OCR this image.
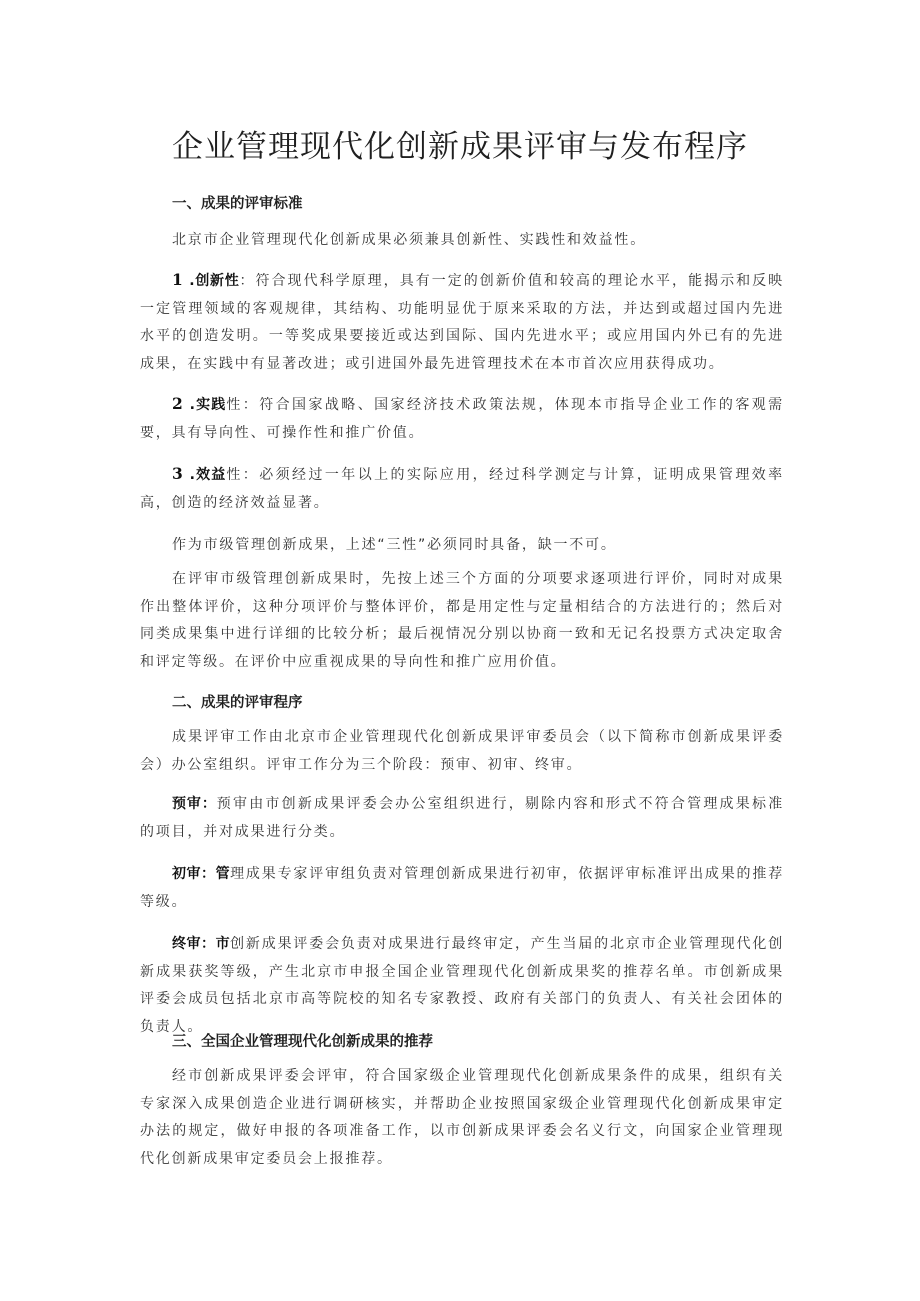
企业管理现代化创新成果评审与发布程序
一、成果的评审标准

北京市企业管理现代化创新成果必须兼具创新性、实践性和效益性。

1 .创新性：符合现代科学原理，具有一定的创新价值和较高的理论水平，能揭示和反映一定管理领域的客观规律，其结构、功能明显优于原来采取的方法，并达到或超过国内先进水平的创造发明。一等奖成果要接近或达到国际、国内先进水平；或应用国内外已有的先进成果，在实践中有显著改进；或引进国外最先进管理技术在本市首次应用获得成功。

2 .实践性：符合国家战略、国家经济技术政策法规，体现本市指导企业工作的客观需要，具有导向性、可操作性和推广价值。

3 .效益性：必须经过一年以上的实际应用，经过科学测定与计算，证明成果管理效率高，创造的经济效益显著。

作为市级管理创新成果，上述“三性”必须同时具备，缺一不可。

在评审市级管理创新成果时，先按上述三个方面的分项要求逐项进行评价，同时对成果作出整体评价，这种分项评价与整体评价，都是用定性与定量相结合的方法进行的；然后对同类成果集中进行详细的比较分析；最后视情况分别以协商一致和无记名投票方式决定取舍和评定等级。在评价中应重视成果的导向性和推广应用价值。

二、成果的评审程序

成果评审工作由北京市企业管理现代化创新成果评审委员会（以下简称市创新成果评委会）办公室组织。评审工作分为三个阶段：预审、初审、终审。

预审：预审由市创新成果评委会办公室组织进行，剔除内容和形式不符合管理成果标准的项目，并对成果进行分类。

初审：管理成果专家评审组负责对管理创新成果进行初审，依据评审标准评出成果的推荐等级。

终审：市创新成果评委会负责对成果进行最终审定，产生当届的北京市企业管理现代化创新成果获奖等级，产生北京市申报全国企业管理现代化创新成果奖的推荐名单。市创新成果评委会成员包括北京市高等院校的知名专家教授、政府有关部门的负责人、有关社会团体的负责人。

三、全国企业管理现代化创新成果的推荐

经市创新成果评委会评审，符合国家级企业管理现代化创新成果条件的成果，组织有关专家深入成果创造企业进行调研核实，并帮助企业按照国家级企业管理现代化创新成果审定办法的规定，做好申报的各项准备工作，以市创新成果评委会名义行文，向国家企业管理现代化创新成果审定委员会上报推荐。
